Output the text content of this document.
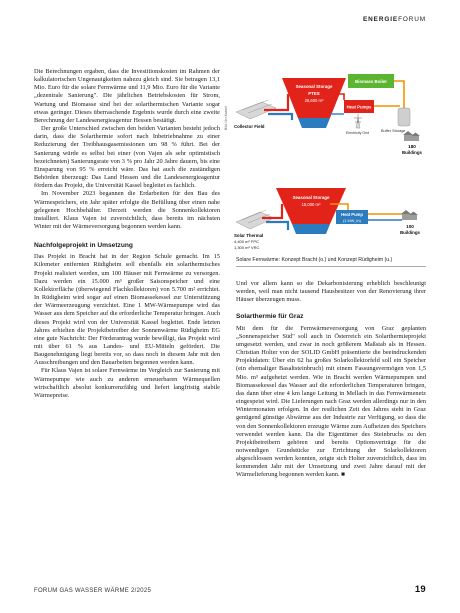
ENERGIEFORUM

Die Berechnungen ergaben, dass die Investitionskosten im Rahmen der kalkulatorischen Ungenauigkeiten nahezu gleich sind. Sie betragen 13,1 Mio. Euro für die solare Fernwärme und 11,9 Mio. Euro für die Variante „dezentrale Sanierung". Die jährlichen Betriebskosten für Strom, Wartung und Biomasse sind bei der solarthermischen Variante sogar etwas geringer. Dieses überraschende Ergebnis wurde durch eine zweite Berechnung der Landesenergieagentur Hessen bestätigt.

Der große Unterschied zwischen den beiden Varianten besteht jedoch darin, dass die Solarthermie sofort nach Inbetriebnahme zu einer Reduzierung der Treibhausgasemissionen um 98 % führt. Bei der Sanierung würde es selbst bei einer (von Vajen als sehr optimistisch bezeichneten) Sanierungsrate von 3 % pro Jahr 20 Jahre dauern, bis eine Einsparung von 95 % erreicht wäre. Das hat auch die zuständigen Behörden überzeugt: Das Land Hessen und die Landesenergieagentur fördern das Projekt, die Universität Kassel begleitet es fachlich.

Im November 2023 begannen die Erdarbeiten für den Bau des Wärmespeichers, ein Jahr später erfolgte die Befüllung über einen nahe gelegenen Hochbehälter. Derzeit werden die Sonnenkollektoren installiert. Klaus Vajen ist zuversichtlich, dass bereits im nächsten Winter mit der Wärmeversorgung begonnen werden kann.

Nachfolgeprojekt in Umsetzung

Das Projekt in Bracht hat in der Region Schule gemacht. Im 15 Kilometer entfernten Rüdigheim soll ebenfalls ein solarthermisches Projekt realisiert werden, um 100 Häuser mit Fernwärme zu versorgen. Dazu werden ein 15.000 m³ großer Saisonspeicher und eine Kollektorfläche (überwiegend Flachkollektoren) von 5.700 m² errichtet. In Rüdigheim wird sogar auf einen Biomassekessel zur Unterstützung der Wärmeerzeugung verzichtet. Eine 1 MW-Wärmepumpe wird das Wasser aus dem Speicher auf die erforderliche Temperatur bringen. Auch dieses Projekt wird von der Universität Kassel begleitet. Ende letzten Jahres erhielten die Projektbetreiber der Sonnenwärme Rüdigheim EG eine gute Nachricht: Der Förderantrag wurde bewilligt, das Projekt wird mit über 61 % aus Landes- und EU-Mitteln gefördert. Die Baugenehmigung liegt bereits vor, so dass noch in diesem Jahr mit den Ausschreibungen und den Bauarbeiten begonnen werden kann.

Für Klaus Vajen ist solare Fernwärme im Vergleich zur Sanierung mit Wärmepumpe wie auch zu anderen erneuerbaren Wärmequellen wirtschaftlich absolut konkurrenzfähig und liefert langfristig stabile Wärmepreise.

Bild: Uni Kassel	Collector Field
Seasonal Storage
PTES
26,600 m³
Biomass Boiler
Heat Pumps
Electricity Grid	Buffer Storage
180
Buildings
Solar Thermal
4,400 m² FPC
1,300 m² VRC
Seasonal Storage
15,000 m³
Heat Pump
(1 MW_th)
100
Buildings
Solare Fernwärme: Konzept Bracht (o.) und Konzept Rüdigheim (u.)

Und vor allem kann so die Dekarbonisierung erheblich beschleunigt werden, weil man nicht tausend Hausbesitzer von der Renovierung ihrer Häuser überzeugen muss.

Solarthermie für Graz

Mit dem für die Fernwärmeversorgung von Graz geplanten „Sonnenspeicher Süd" soll auch in Österreich ein Solarthermieprojekt umgesetzt werden, und zwar in noch größerem Maßstab als in Hessen. Christian Holter von der SOLID GmbH präsentierte die beeindruckenden Projektdaten: Über ein 62 ha großes Solarkollektorfeld soll ein Speicher (ein ehemaliger Basaltsteinbruch) mit einem Fassungsvermögen von 1,5 Mio. m³ aufgeheizt werden. Wie in Bracht werden Wärmepumpen und Biomassekessel das Wasser auf die erforderlichen Temperaturen bringen, das dann über eine 4 km lange Leitung in Mellach in das Fernwärmenetz eingespeist wird. Die Lieferungen nach Graz werden allerdings nur in den Wintermonaten erfolgen. In der restlichen Zeit des Jahres steht in Graz genügend günstige Abwärme aus der Industrie zur Verfügung, so dass die von den Sonnenkollektoren erzeugte Wärme zum Aufheizen des Speichers verwendet werden kann. Da die Eigentümer des Steinbruchs zu den Projektbetreibern gehören und bereits Optionsverträge für die notwendigen Grundstücke zur Errichtung der Solarkollektoren abgeschlossen werden konnten, zeigte sich Holter zuversichtlich, dass im kommenden Jahr mit der Umsetzung und zwei Jahre darauf mit der Wärmelieferung begonnen werden kann. ■

FORUM GAS WASSER WÄRME 2/2025	19
